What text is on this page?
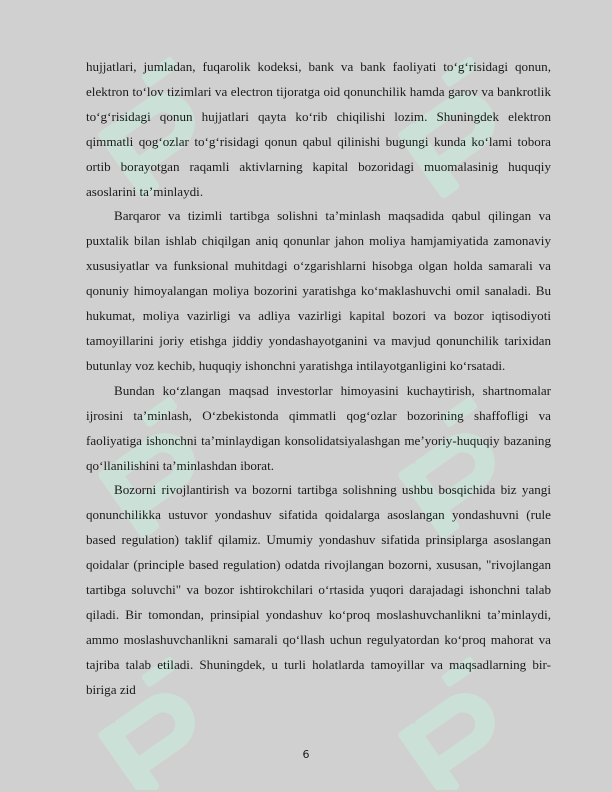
hujjatlari, jumladan, fuqarolik kodeksi, bank va bank faoliyati to‘g‘risidagi qonun, elektron to‘lov tizimlari va electron tijoratga oid qonunchilik hamda garov va bankrotlik to‘g‘risidagi qonun hujjatlari qayta ko‘rib chiqilishi lozim. Shuningdek elektron qimmatli qog‘ozlar to‘g‘risidagi qonun qabul qilinishi bugungi kunda ko‘lami tobora ortib borayotgan raqamli aktivlarning kapital bozoridagi muomalasinig huquqiy asoslarini ta’minlaydi.

Barqaror va tizimli tartibga solishni ta’minlash maqsadida qabul qilingan va puxtalik bilan ishlab chiqilgan aniq qonunlar jahon moliya hamjamiyatida zamonaviy xususiyatlar va funksional muhitdagi o‘zgarishlarni hisobga olgan holda samarali va qonuniy himoyalangan moliya bozorini yaratishga ko‘maklashuvchi omil sanaladi. Bu hukumat, moliya vazirligi va adliya vazirligi kapital bozori va bozor iqtisodiyoti tamoyillarini joriy etishga jiddiy yondashayotganini va mavjud qonunchilik tarixidan butunlay voz kechib, huquqiy ishonchni yaratishga intilayotganligini ko‘rsatadi.

Bundan ko‘zlangan maqsad investorlar himoyasini kuchaytirish, shartnomalar ijrosini ta’minlash, O‘zbekistonda qimmatli qog‘ozlar bozorining shaffofligi va faoliyatiga ishonchni ta’minlaydigan konsolidatsiyalashgan me’yoriy-huquqiy bazaning qo‘llanilishini ta’minlashdan iborat.

Bozorni rivojlantirish va bozorni tartibga solishning ushbu bosqichida biz yangi qonunchilikka ustuvor yondashuv sifatida qoidalarga asoslangan yondashuvni (rule based regulation) taklif qilamiz. Umumiy yondashuv sifatida prinsiplarga asoslangan qoidalar (principle based regulation) odatda rivojlangan bozorni, xususan, "rivojlangan tartibga soluvchi" va bozor ishtirokchilari o‘rtasida yuqori darajadagi ishonchni talab qiladi. Bir tomondan, prinsipial yondashuv ko‘proq moslashuvchanlikni ta’minlaydi, ammo moslashuvchanlikni samarali qo‘llash uchun regulyatordan ko‘proq mahorat va tajriba talab etiladi. Shuningdek, u turli holatlarda tamoyillar va maqsadlarning bir-biriga zid

6
